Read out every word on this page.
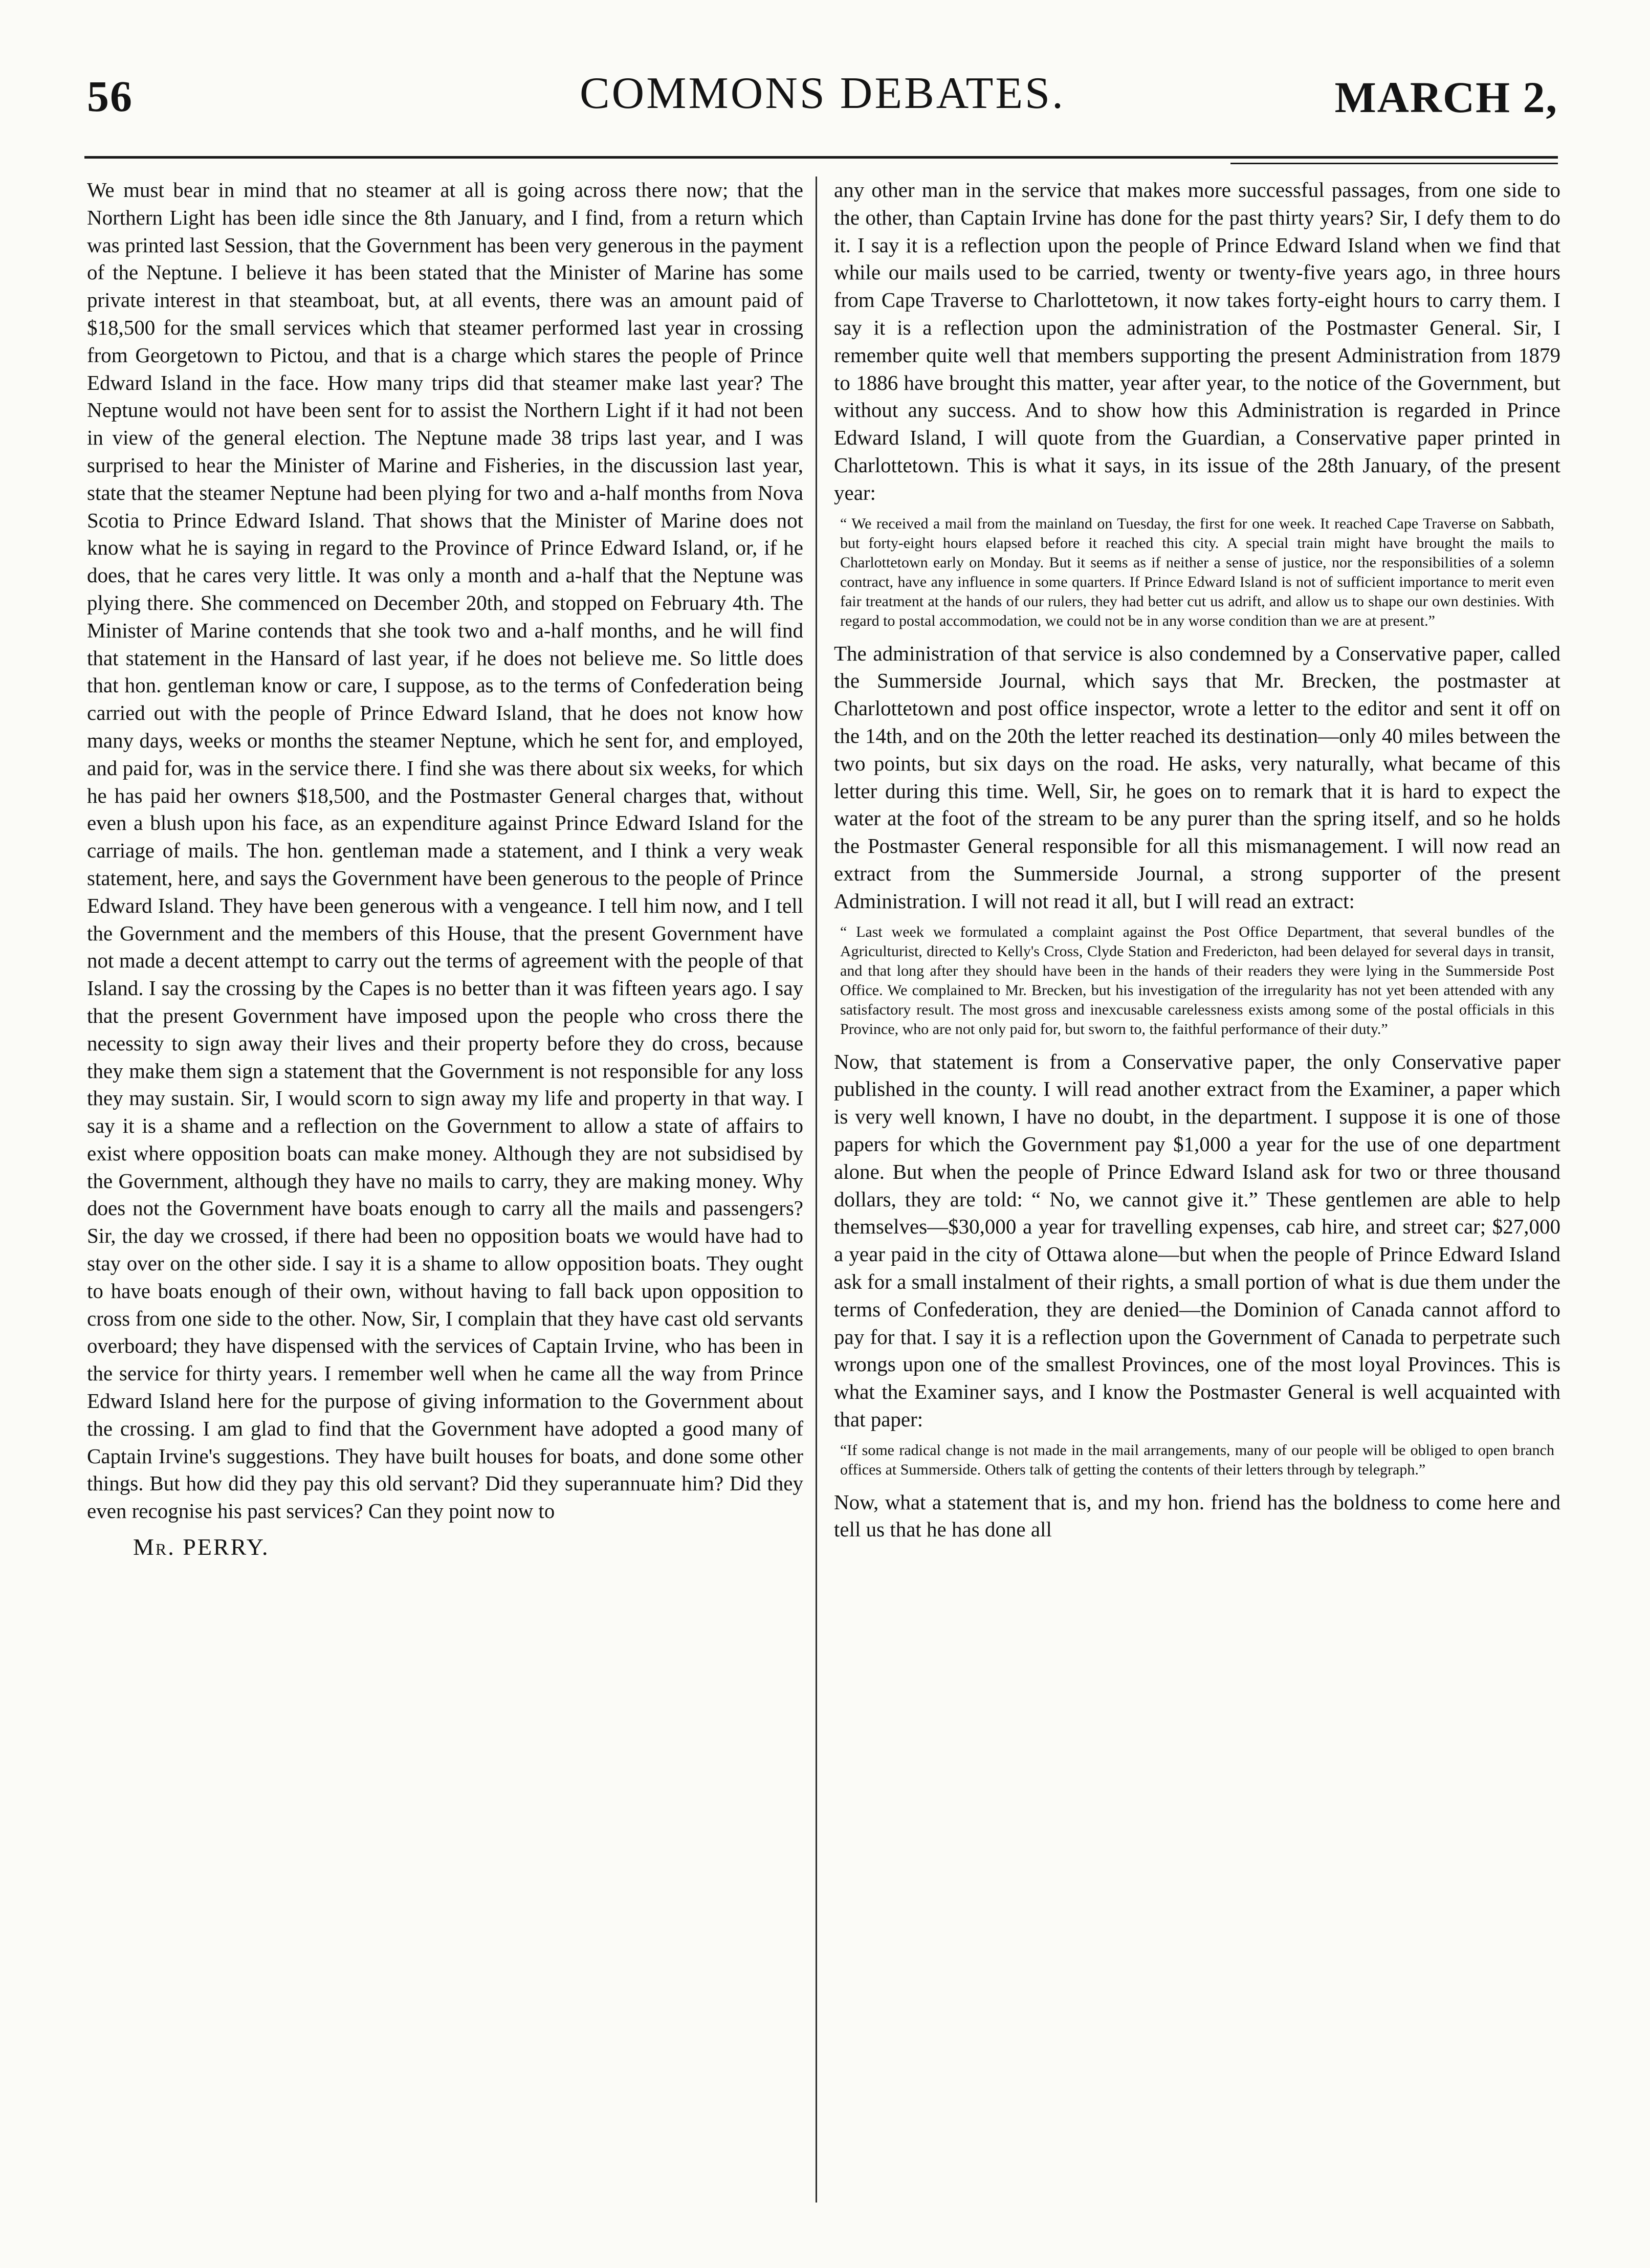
56	COMMONS DEBATES.	MARCH 2,

We must bear in mind that no steamer at all is going across there now; that the Northern Light has been idle since the 8th January, and I find, from a return which was printed last Session, that the Government has been very generous in the payment of the Neptune. I believe it has been stated that the Minister of Marine has some private interest in that steamboat, but, at all events, there was an amount paid of $18,500 for the small services which that steamer performed last year in crossing from Georgetown to Pictou, and that is a charge which stares the people of Prince Edward Island in the face. How many trips did that steamer make last year? The Neptune would not have been sent for to assist the Northern Light if it had not been in view of the general election. The Neptune made 38 trips last year, and I was surprised to hear the Minister of Marine and Fisheries, in the discussion last year, state that the steamer Neptune had been plying for two and a-half months from Nova Scotia to Prince Edward Island. That shows that the Minister of Marine does not know what he is saying in regard to the Province of Prince Edward Island, or, if he does, that he cares very little. It was only a month and a-half that the Neptune was plying there. She commenced on December 20th, and stopped on February 4th. The Minister of Marine contends that she took two and a-half months, and he will find that statement in the Hansard of last year, if he does not believe me. So little does that hon. gentleman know or care, I suppose, as to the terms of Confederation being carried out with the people of Prince Edward Island, that he does not know how many days, weeks or months the steamer Neptune, which he sent for, and employed, and paid for, was in the service there. I find she was there about six weeks, for which he has paid her owners $18,500, and the Postmaster General charges that, without even a blush upon his face, as an expenditure against Prince Edward Island for the carriage of mails. The hon. gentleman made a statement, and I think a very weak statement, here, and says the Government have been generous to the people of Prince Edward Island. They have been generous with a vengeance. I tell him now, and I tell the Government and the members of this House, that the present Government have not made a decent attempt to carry out the terms of agreement with the people of that Island. I say the crossing by the Capes is no better than it was fifteen years ago. I say that the present Government have imposed upon the people who cross there the necessity to sign away their lives and their property before they do cross, because they make them sign a statement that the Government is not responsible for any loss they may sustain. Sir, I would scorn to sign away my life and property in that way. I say it is a shame and a reflection on the Government to allow a state of affairs to exist where opposition boats can make money. Although they are not subsidised by the Government, although they have no mails to carry, they are making money. Why does not the Government have boats enough to carry all the mails and passengers? Sir, the day we crossed, if there had been no opposition boats we would have had to stay over on the other side. I say it is a shame to allow opposition boats. They ought to have boats enough of their own, without having to fall back upon opposition to cross from one side to the other. Now, Sir, I complain that they have cast old servants overboard; they have dispensed with the services of Captain Irvine, who has been in the service for thirty years. I remember well when he came all the way from Prince Edward Island here for the purpose of giving information to the Government about the crossing. I am glad to find that the Government have adopted a good many of Captain Irvine's suggestions. They have built houses for boats, and done some other things. But how did they pay this old servant? Did they superannuate him? Did they even recognise his past services? Can they point now to

Mr. PERRY.

any other man in the service that makes more successful passages, from one side to the other, than Captain Irvine has done for the past thirty years? Sir, I defy them to do it. I say it is a reflection upon the people of Prince Edward Island when we find that while our mails used to be carried, twenty or twenty-five years ago, in three hours from Cape Traverse to Charlottetown, it now takes forty-eight hours to carry them. I say it is a reflection upon the administration of the Postmaster General. Sir, I remember quite well that members supporting the present Administration from 1879 to 1886 have brought this matter, year after year, to the notice of the Government, but without any success. And to show how this Administration is regarded in Prince Edward Island, I will quote from the Guardian, a Conservative paper printed in Charlottetown. This is what it says, in its issue of the 28th January, of the present year:

“ We received a mail from the mainland on Tuesday, the first for one week. It reached Cape Traverse on Sabbath, but forty-eight hours elapsed before it reached this city. A special train might have brought the mails to Charlottetown early on Monday. But it seems as if neither a sense of justice, nor the responsibilities of a solemn contract, have any influence in some quarters. If Prince Edward Island is not of sufficient importance to merit even fair treatment at the hands of our rulers, they had better cut us adrift, and allow us to shape our own destinies. With regard to postal accommodation, we could not be in any worse condition than we are at present.”

The administration of that service is also condemned by a Conservative paper, called the Summerside Journal, which says that Mr. Brecken, the postmaster at Charlottetown and post office inspector, wrote a letter to the editor and sent it off on the 14th, and on the 20th the letter reached its destination—only 40 miles between the two points, but six days on the road. He asks, very naturally, what became of this letter during this time. Well, Sir, he goes on to remark that it is hard to expect the water at the foot of the stream to be any purer than the spring itself, and so he holds the Postmaster General responsible for all this mismanagement. I will now read an extract from the Summerside Journal, a strong supporter of the present Administration. I will not read it all, but I will read an extract:

“ Last week we formulated a complaint against the Post Office Department, that several bundles of the Agriculturist, directed to Kelly's Cross, Clyde Station and Fredericton, had been delayed for several days in transit, and that long after they should have been in the hands of their readers they were lying in the Summerside Post Office. We complained to Mr. Brecken, but his investigation of the irregularity has not yet been attended with any satisfactory result. The most gross and inexcusable carelessness exists among some of the postal officials in this Province, who are not only paid for, but sworn to, the faithful performance of their duty.”

Now, that statement is from a Conservative paper, the only Conservative paper published in the county. I will read another extract from the Examiner, a paper which is very well known, I have no doubt, in the department. I suppose it is one of those papers for which the Government pay $1,000 a year for the use of one department alone. But when the people of Prince Edward Island ask for two or three thousand dollars, they are told: “ No, we cannot give it.” These gentlemen are able to help themselves—$30,000 a year for travelling expenses, cab hire, and street car; $27,000 a year paid in the city of Ottawa alone—but when the people of Prince Edward Island ask for a small instalment of their rights, a small portion of what is due them under the terms of Confederation, they are denied—the Dominion of Canada cannot afford to pay for that. I say it is a reflection upon the Government of Canada to perpetrate such wrongs upon one of the smallest Provinces, one of the most loyal Provinces. This is what the Examiner says, and I know the Postmaster General is well acquainted with that paper:

“If some radical change is not made in the mail arrangements, many of our people will be obliged to open branch offices at Summerside. Others talk of getting the contents of their letters through by telegraph.”

Now, what a statement that is, and my hon. friend has the boldness to come here and tell us that he has done all
